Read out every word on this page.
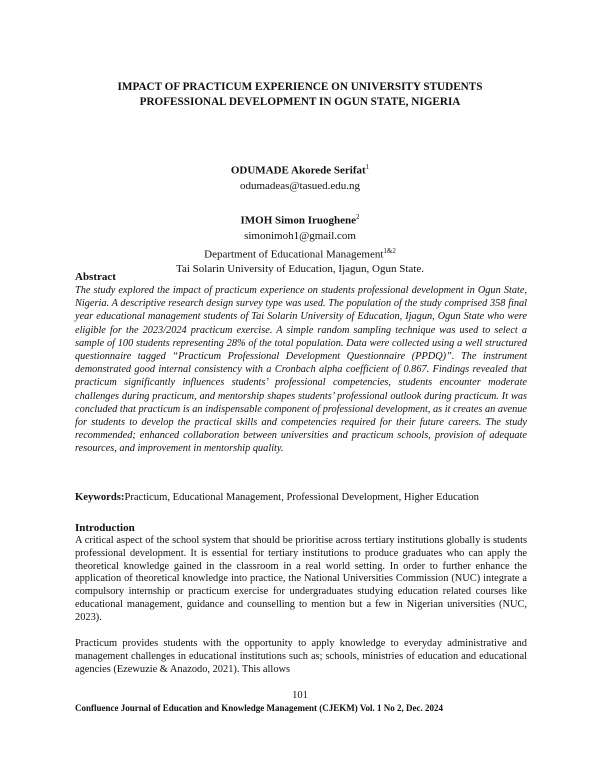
IMPACT OF PRACTICUM EXPERIENCE ON UNIVERSITY STUDENTS
PROFESSIONAL DEVELOPMENT IN OGUN STATE, NIGERIA
ODUMADE Akorede Serifat$^1$
odumadeas@tasued.edu.ng
IMOH Simon Iruoghene$^2$
simonimoh1@gmail.com
Department of Educational Management$^{1\&2}$
Tai Solarin University of Education, Ijagun, Ogun State.
Abstract

The study explored the impact of practicum experience on students professional development in Ogun State, Nigeria. A descriptive research design survey type was used. The population of the study comprised 358 final year educational management students of Tai Solarin University of Education, Ijagun, Ogun State who were eligible for the 2023/2024 practicum exercise. A simple random sampling technique was used to select a sample of 100 students representing 28% of the total population. Data were collected using a well structured questionnaire tagged “Practicum Professional Development Questionnaire (PPDQ)”. The instrument demonstrated good internal consistency with a Cronbach alpha coefficient of 0.867. Findings revealed that practicum significantly influences students’ professional competencies, students encounter moderate challenges during practicum, and mentorship shapes students’ professional outlook during practicum. It was concluded that practicum is an indispensable component of professional development, as it creates an avenue for students to develop the practical skills and competencies required for their future careers. The study recommended; enhanced collaboration between universities and practicum schools, provision of adequate resources, and improvement in mentorship quality.

Keywords:Practicum, Educational Management, Professional Development, Higher Education
Introduction

A critical aspect of the school system that should be prioritise across tertiary institutions globally is students professional development. It is essential for tertiary institutions to produce graduates who can apply the theoretical knowledge gained in the classroom in a real world setting. In order to further enhance the application of theoretical knowledge into practice, the National Universities Commission (NUC) integrate a compulsory internship or practicum exercise for undergraduates studying education related courses like educational management, guidance and counselling to mention but a few in Nigerian universities (NUC, 2023).

Practicum provides students with the opportunity to apply knowledge to everyday administrative and management challenges in educational institutions such as; schools, ministries of education and educational agencies (Ezewuzie & Anazodo, 2021). This allows

101
Confluence Journal of Education and Knowledge Management (CJEKM) Vol. 1 No 2, Dec. 2024
